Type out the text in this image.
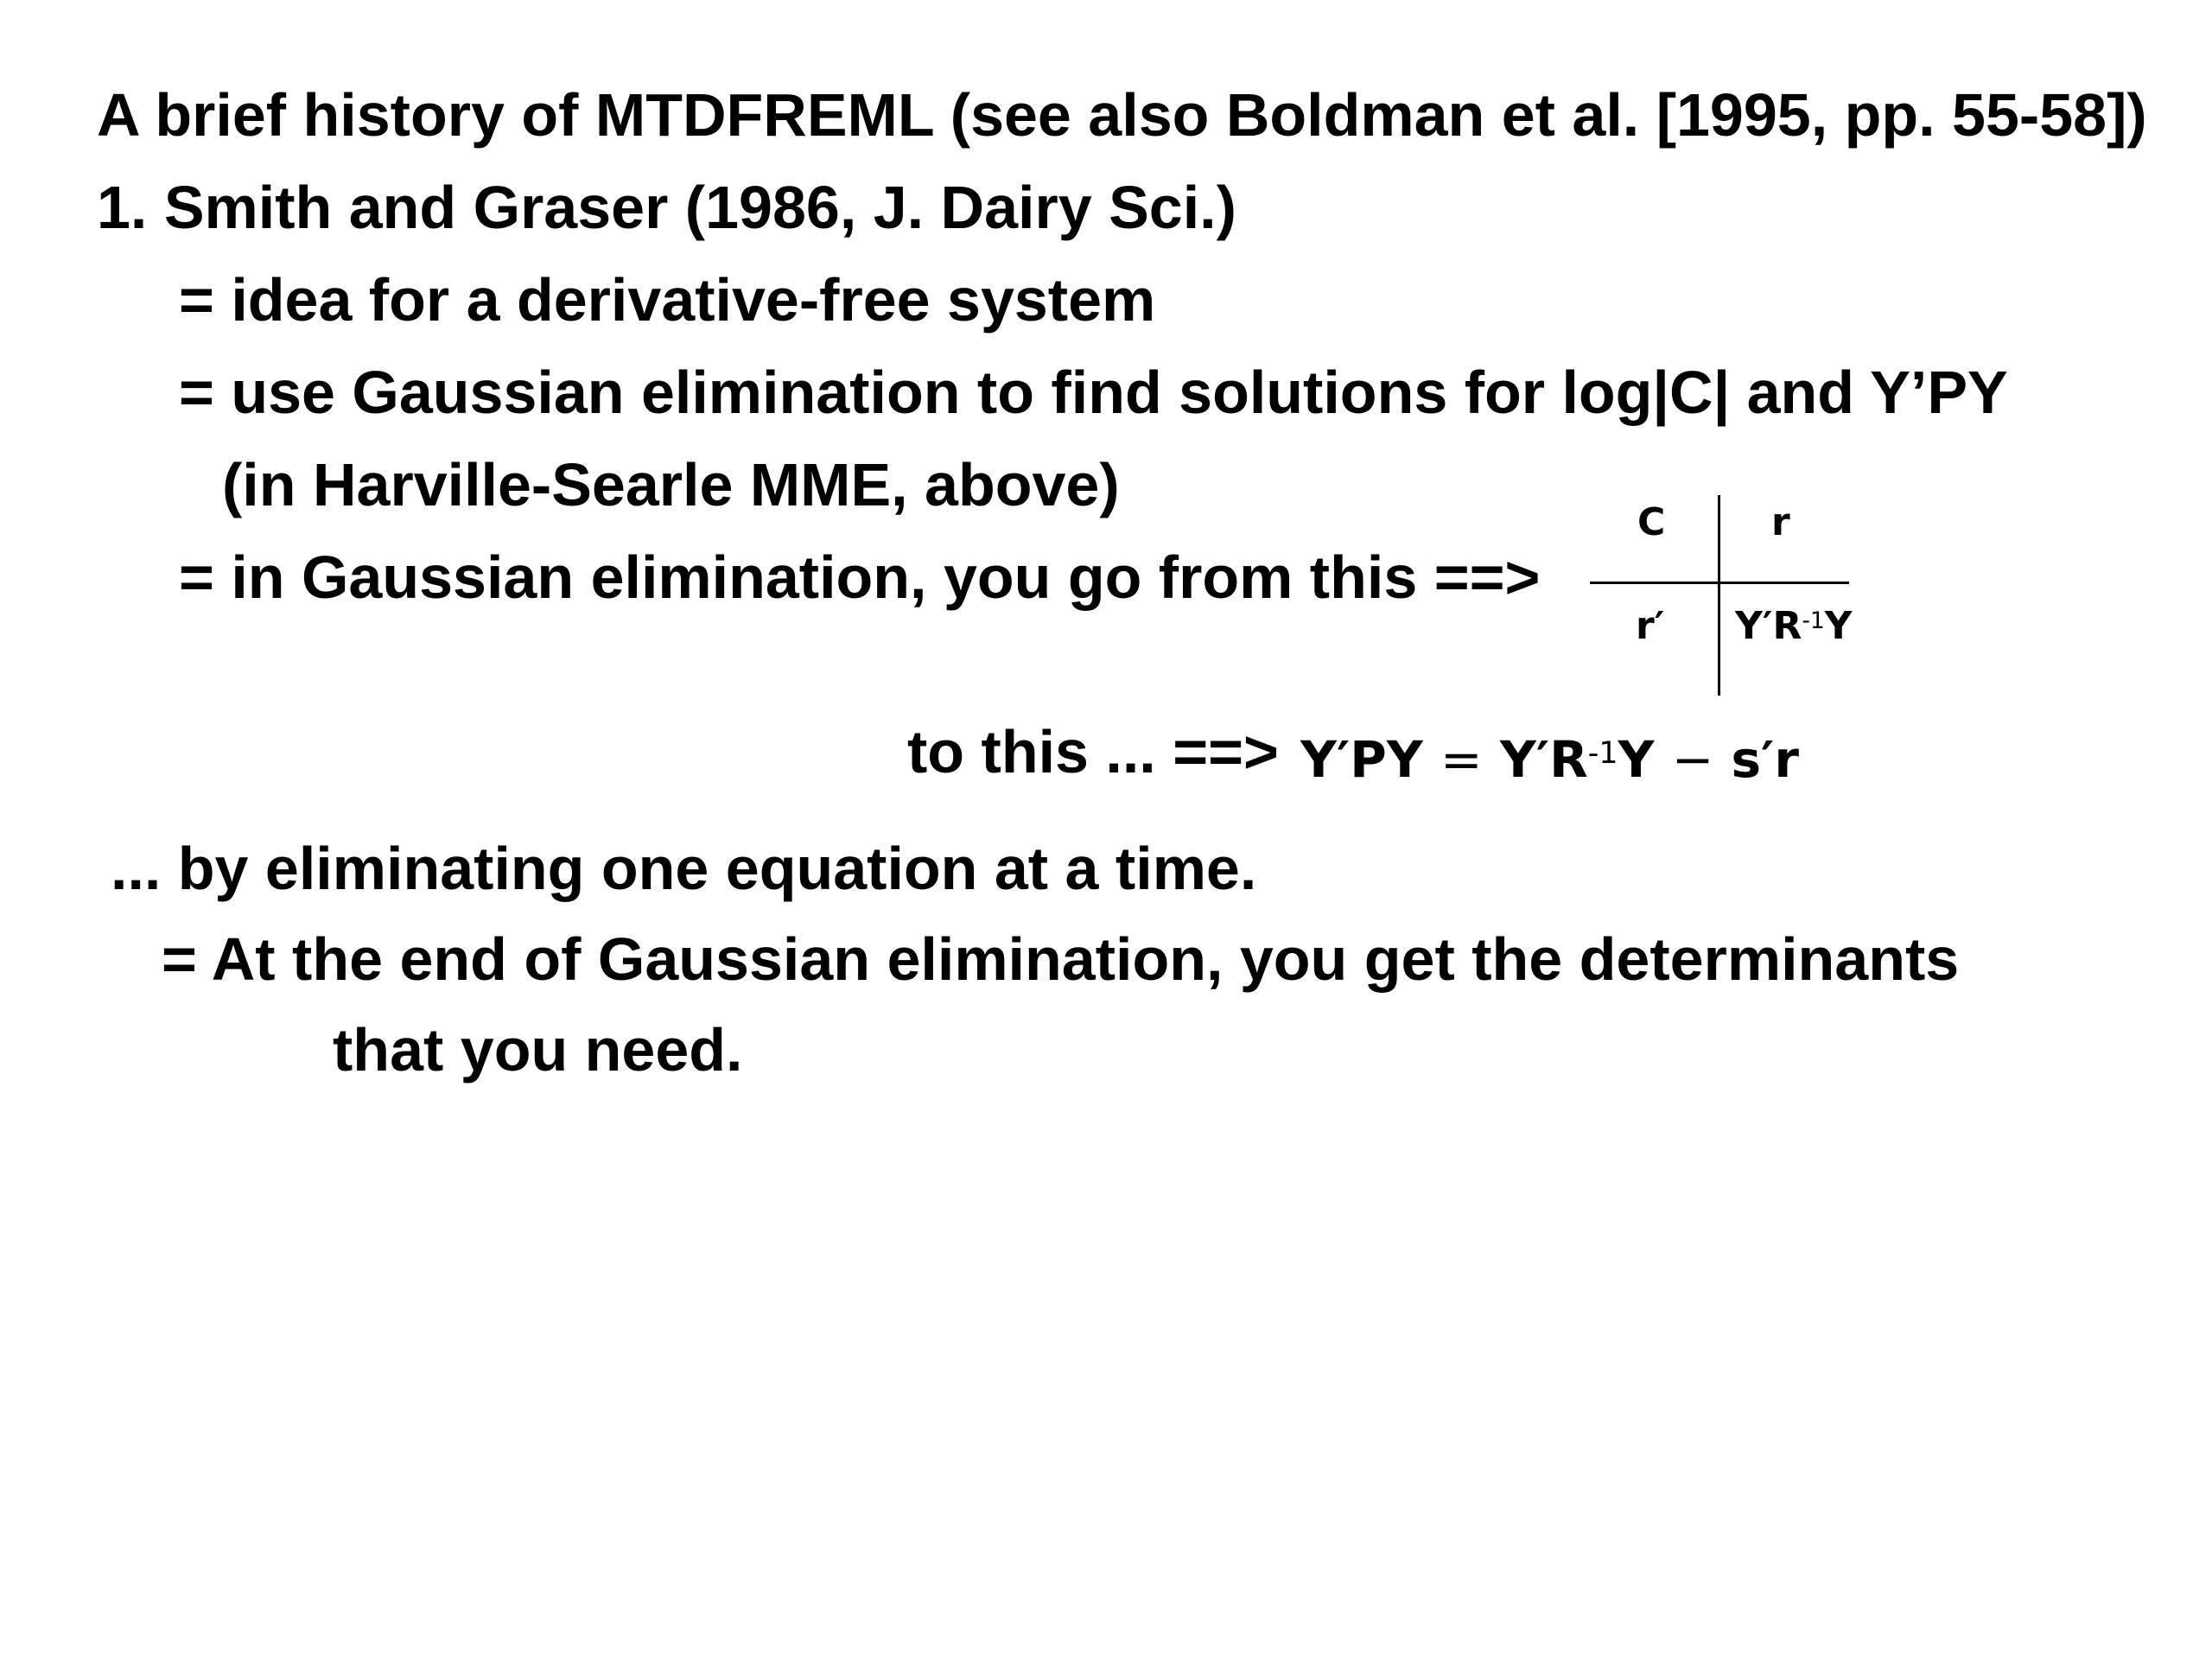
A brief history of MTDFREML (see also Boldman et al. [1995, pp. 55-58])
1. Smith and Graser (1986, J. Dairy Sci.)
= idea for a derivative-free system
= use Gaussian elimination to find solutions for log|C| and Y’PY
(in Harville-Searle MME, above)
= in Gaussian elimination, you go from this ==>
C	r
r′ $Y'R^{-1}Y$
to this ... ==> $Y'PY = Y'R^{-1}Y - s'r$
... by eliminating one equation at a time.
= At the end of Gaussian elimination, you get the determinants
that you need.
